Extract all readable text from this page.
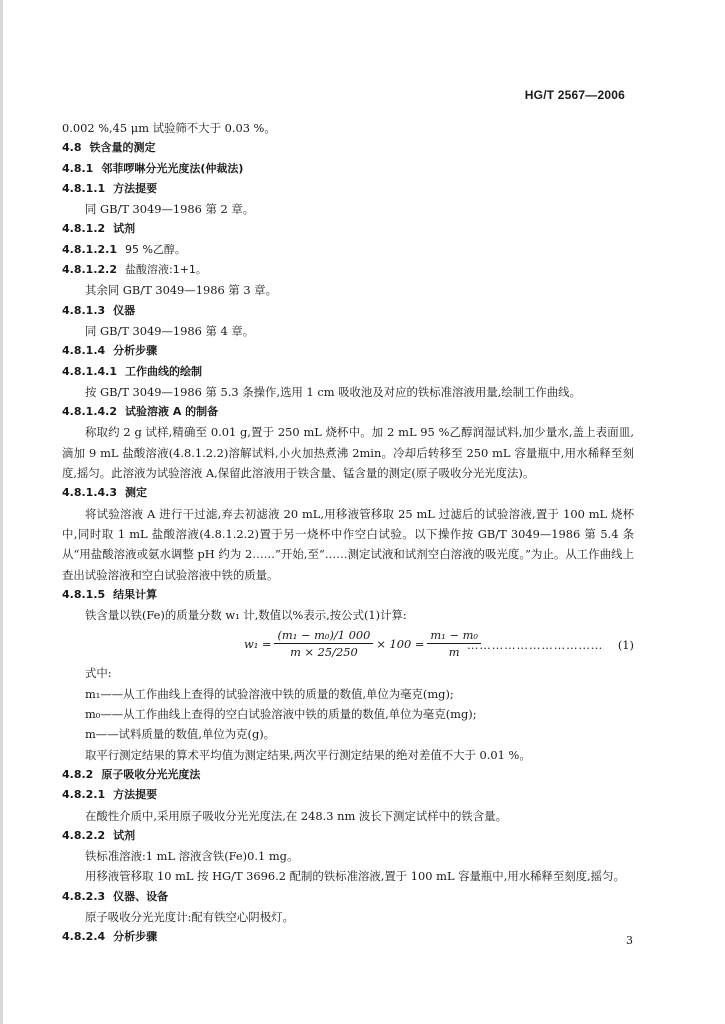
HG/T 2567—2006
0.002 %,45 μm 试验筛不大于 0.03 %。
4.8 铁含量的测定
4.8.1 邻菲啰啉分光光度法(仲裁法)
4.8.1.1 方法提要
同 GB/T 3049—1986 第 2 章。
4.8.1.2 试剂
4.8.1.2.1 95 %乙醇。
4.8.1.2.2 盐酸溶液:1+1。
其余同 GB/T 3049—1986 第 3 章。
4.8.1.3 仪器
同 GB/T 3049—1986 第 4 章。
4.8.1.4 分析步骤
4.8.1.4.1 工作曲线的绘制
按 GB/T 3049—1986 第 5.3 条操作,选用 1 cm 吸收池及对应的铁标准溶液用量,绘制工作曲线。
4.8.1.4.2 试验溶液 A 的制备
称取约 2 g 试样,精确至 0.01 g,置于 250 mL 烧杯中。加 2 mL 95 %乙醇润湿试料,加少量水,盖上表面皿,滴加 9 mL 盐酸溶液(4.8.1.2.2)溶解试料,小火加热煮沸 2min。冷却后转移至 250 mL 容量瓶中,用水稀释至刻度,摇匀。此溶液为试验溶液 A,保留此溶液用于铁含量、锰含量的测定(原子吸收分光光度法)。
4.8.1.4.3 测定
将试验溶液 A 进行干过滤,弃去初滤液 20 mL,用移液管移取 25 mL 过滤后的试验溶液,置于 100 mL 烧杯中,同时取 1 mL 盐酸溶液(4.8.1.2.2)置于另一烧杯中作空白试验。以下操作按 GB/T 3049—1986 第 5.4 条从“用盐酸溶液或氨水调整 pH 约为 2……”开始,至“……测定试液和试剂空白溶液的吸光度。”为止。从工作曲线上查出试验溶液和空白试验溶液中铁的质量。
4.8.1.5 结果计算
铁含量以铁(Fe)的质量分数 w₁ 计,数值以%表示,按公式(1)计算:
$w_1 = \frac{\text{(m₁ − m₀)/1 000}}{m \times 25/250} \times 100 = \frac{\text{m₁ − m₀}}{m}$
…………………………… (1)
式中:
m₁——从工作曲线上查得的试验溶液中铁的质量的数值,单位为毫克(mg);
m₀——从工作曲线上查得的空白试验溶液中铁的质量的数值,单位为毫克(mg);
m——试料质量的数值,单位为克(g)。
取平行测定结果的算术平均值为测定结果,两次平行测定结果的绝对差值不大于 0.01 %。
4.8.2 原子吸收分光光度法
4.8.2.1 方法提要
在酸性介质中,采用原子吸收分光光度法,在 248.3 nm 波长下测定试样中的铁含量。
4.8.2.2 试剂
铁标准溶液:1 mL 溶液含铁(Fe)0.1 mg。
用移液管移取 10 mL 按 HG/T 3696.2 配制的铁标准溶液,置于 100 mL 容量瓶中,用水稀释至刻度,摇匀。
4.8.2.3 仪器、设备
原子吸收分光光度计:配有铁空心阴极灯。
4.8.2.4 分析步骤	3
